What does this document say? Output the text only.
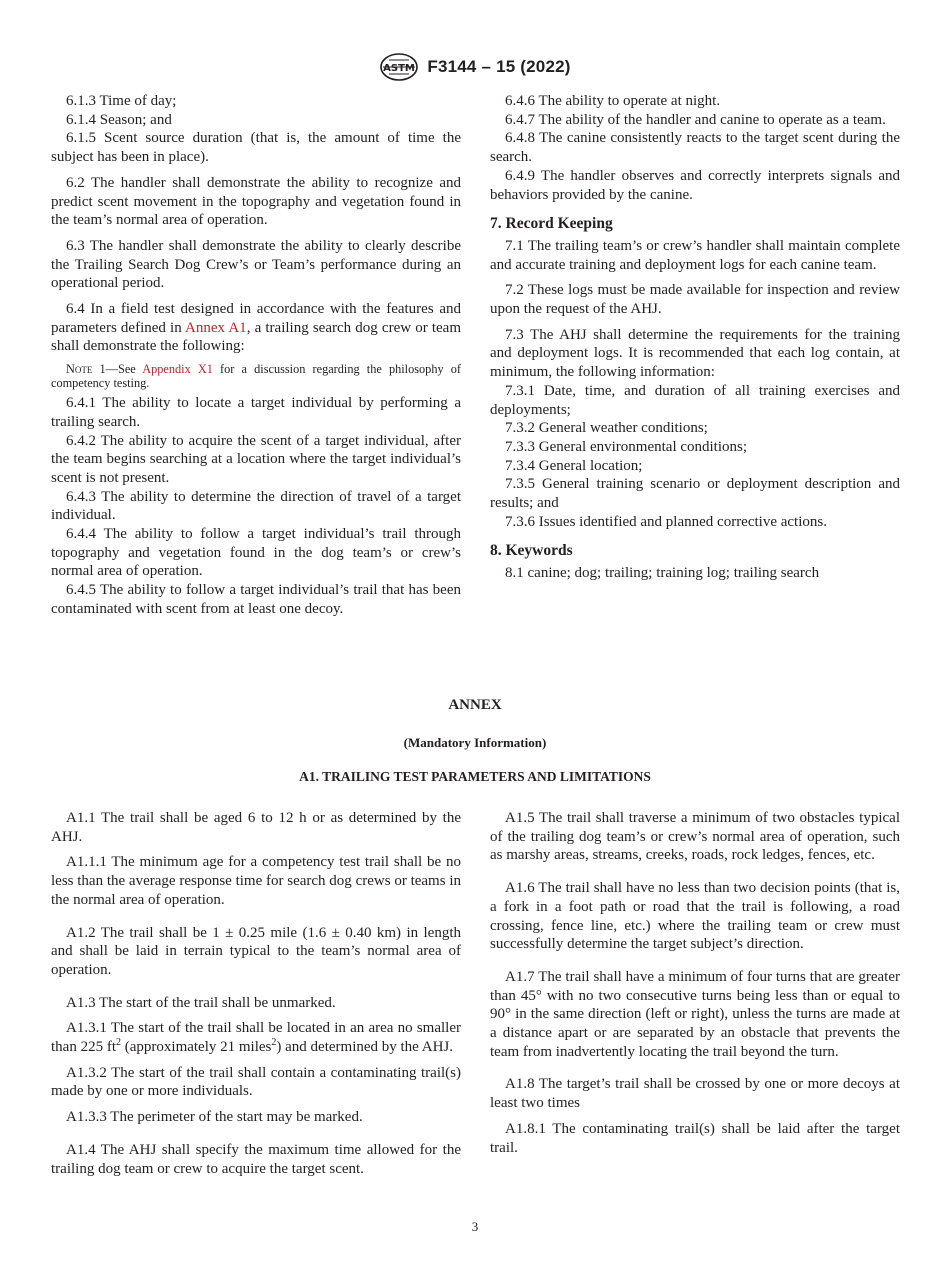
ASTM F3144 – 15 (2022)

6.1.3 Time of day;

6.1.4 Season; and

6.1.5 Scent source duration (that is, the amount of time the subject has been in place).

6.2 The handler shall demonstrate the ability to recognize and predict scent movement in the topography and vegetation found in the team’s normal area of operation.

6.3 The handler shall demonstrate the ability to clearly describe the Trailing Search Dog Crew’s or Team’s performance during an operational period.

6.4 In a field test designed in accordance with the features and parameters defined in Annex A1, a trailing search dog crew or team shall demonstrate the following:

Note 1—See Appendix X1 for a discussion regarding the philosophy of competency testing.

6.4.1 The ability to locate a target individual by performing a trailing search.

6.4.2 The ability to acquire the scent of a target individual, after the team begins searching at a location where the target individual’s scent is not present.

6.4.3 The ability to determine the direction of travel of a target individual.

6.4.4 The ability to follow a target individual’s trail through topography and vegetation found in the dog team’s or crew’s normal area of operation.

6.4.5 The ability to follow a target individual’s trail that has been contaminated with scent from at least one decoy.

6.4.6 The ability to operate at night.

6.4.7 The ability of the handler and canine to operate as a team.

6.4.8 The canine consistently reacts to the target scent during the search.

6.4.9 The handler observes and correctly interprets signals and behaviors provided by the canine.

7. Record Keeping

7.1 The trailing team’s or crew’s handler shall maintain complete and accurate training and deployment logs for each canine team.

7.2 These logs must be made available for inspection and review upon the request of the AHJ.

7.3 The AHJ shall determine the requirements for the training and deployment logs. It is recommended that each log contain, at minimum, the following information:

7.3.1 Date, time, and duration of all training exercises and deployments;

7.3.2 General weather conditions;

7.3.3 General environmental conditions;

7.3.4 General location;

7.3.5 General training scenario or deployment description and results; and

7.3.6 Issues identified and planned corrective actions.

8. Keywords

8.1 canine; dog; trailing; training log; trailing search

ANNEX
(Mandatory Information)
A1. TRAILING TEST PARAMETERS AND LIMITATIONS

A1.1 The trail shall be aged 6 to 12 h or as determined by the AHJ.

A1.1.1 The minimum age for a competency test trail shall be no less than the average response time for search dog crews or teams in the normal area of operation.

A1.2 The trail shall be 1 ± 0.25 mile (1.6 ± 0.40 km) in length and shall be laid in terrain typical to the team’s normal area of operation.

A1.3 The start of the trail shall be unmarked.

A1.3.1 The start of the trail shall be located in an area no smaller than 225 $ft^2$ (approximately 21 miles$^2$) and determined by the AHJ.

A1.3.2 The start of the trail shall contain a contaminating trail(s) made by one or more individuals.

A1.3.3 The perimeter of the start may be marked.

A1.4 The AHJ shall specify the maximum time allowed for the trailing dog team or crew to acquire the target scent.

A1.5 The trail shall traverse a minimum of two obstacles typical of the trailing dog team’s or crew’s normal area of operation, such as marshy areas, streams, creeks, roads, rock ledges, fences, etc.

A1.6 The trail shall have no less than two decision points (that is, a fork in a foot path or road that the trail is following, a road crossing, fence line, etc.) where the trailing team or crew must successfully determine the target subject’s direction.

A1.7 The trail shall have a minimum of four turns that are greater than 45° with no two consecutive turns being less than or equal to 90° in the same direction (left or right), unless the turns are made at a distance apart or are separated by an obstacle that prevents the team from inadvertently locating the trail beyond the turn.

A1.8 The target’s trail shall be crossed by one or more decoys at least two times

A1.8.1 The contaminating trail(s) shall be laid after the target trail.

3
